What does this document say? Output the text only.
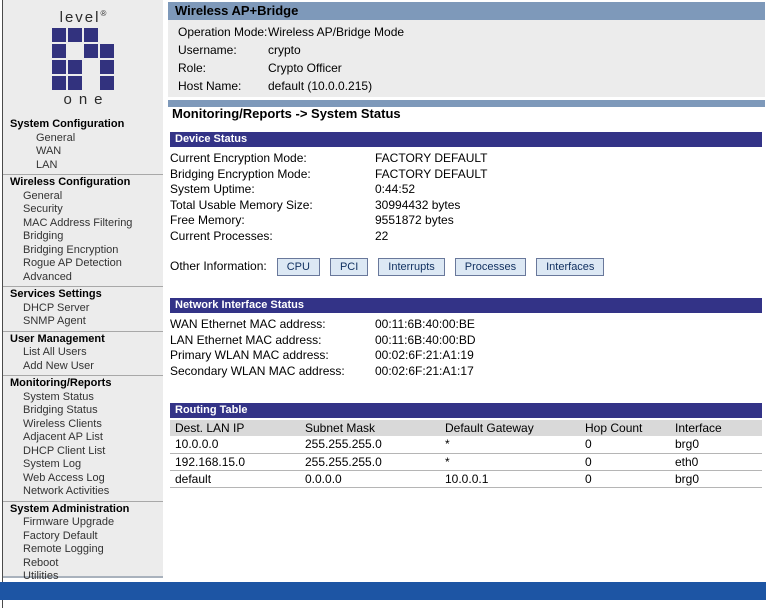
level®
one
System Configuration
General
WAN
LAN
Wireless Configuration
General
Security
MAC Address Filtering
Bridging
Bridging Encryption
Rogue AP Detection
Advanced
Services Settings
DHCP Server
SNMP Agent
User Management
List All Users
Add New User
Monitoring/Reports
System Status
Bridging Status
Wireless Clients
Adjacent AP List
DHCP Client List
System Log
Web Access Log
Network Activities
System Administration
Firmware Upgrade
Factory Default
Remote Logging
Reboot
Utilities
Wireless AP+Bridge
Operation Mode:Wireless AP/Bridge Mode
Username:	crypto
Role:	Crypto Officer
Host Name: default (10.0.0.215)
Monitoring/Reports -> System Status
Device Status
Current Encryption Mode:	FACTORY DEFAULT
Bridging Encryption Mode:	FACTORY DEFAULT
System Uptime:	0:44:52
Total Usable Memory Size:	30994432 bytes
Free Memory:	9551872 bytes
Current Processes:	22
Other Information: CPU	PCI	Interrupts	Processes	Interfaces
Network Interface Status
WAN Ethernet MAC address:	00:11:6B:40:00:BE
LAN Ethernet MAC address:	00:11:6B:40:00:BD
Primary WLAN MAC address:	00:02:6F:21:A1:19
Secondary WLAN MAC address:	00:02:6F:21:A1:17
Routing Table
Dest. LAN IP	Subnet Mask	Default Gateway	Hop Count	Interface
10.0.0.0	255.255.255.0	*	0	brg0
192.168.15.0	255.255.255.0	*	0	eth0
default	0.0.0.0	10.0.0.1	0	brg0
